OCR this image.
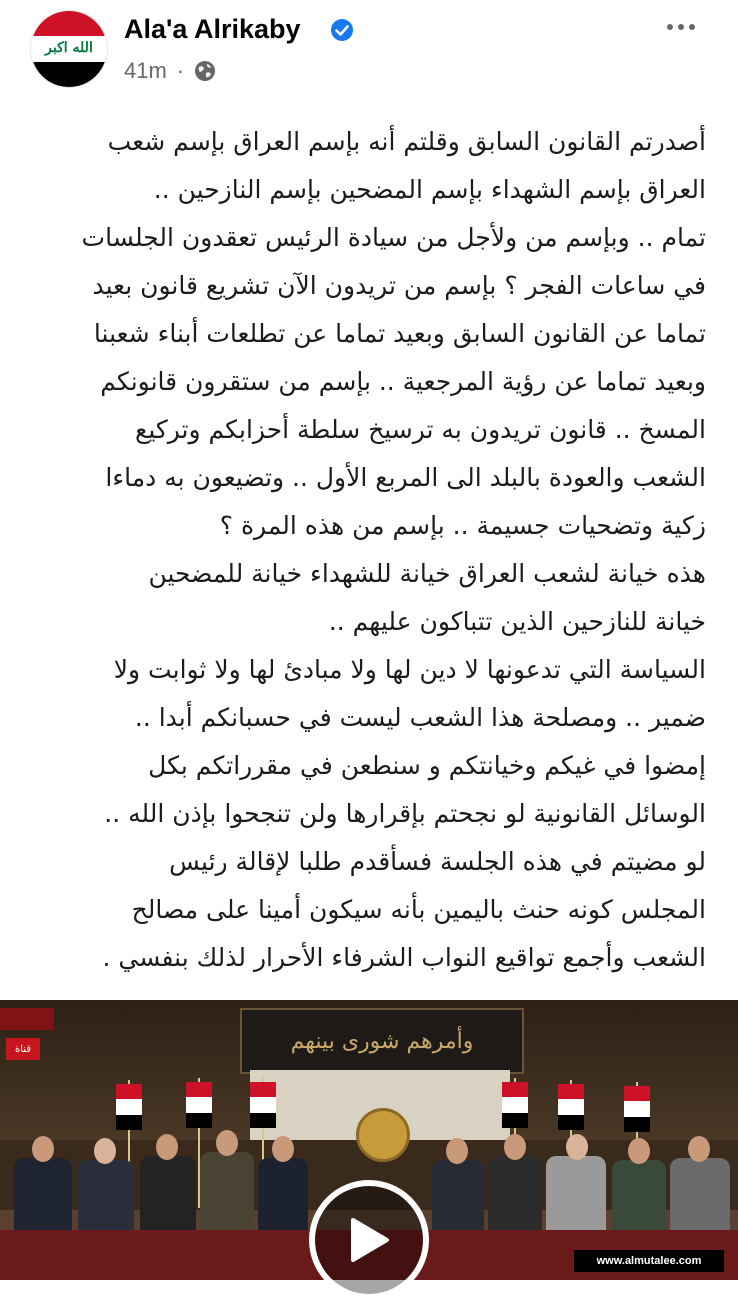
الله اكبر
Ala'a Alrikaby
41m ·
أصدرتم القانون السابق وقلتم أنه بإسم العراق بإسم شعب
العراق بإسم الشهداء بإسم المضحين بإسم النازحين ..
تمام .. وبإسم من ولأجل من سيادة الرئيس تعقدون الجلسات
في ساعات الفجر ؟ بإسم من تريدون الآن تشريع قانون بعيد
تماما عن القانون السابق وبعيد تماما عن تطلعات أبناء شعبنا
وبعيد تماما عن رؤية المرجعية .. بإسم من ستقرون قانونكم
المسخ .. قانون تريدون به ترسيخ سلطة أحزابكم وتركيع
الشعب والعودة بالبلد الى المربع الأول .. وتضيعون به دماءا
زكية وتضحيات جسيمة .. بإسم من هذه المرة ؟
هذه خيانة لشعب العراق خيانة للشهداء خيانة للمضحين
خيانة للنازحين الذين تتباكون عليهم ..
السياسة التي تدعونها لا دين لها ولا مبادئ لها ولا ثوابت ولا
ضمير .. ومصلحة هذا الشعب ليست في حسبانكم أبدا ..
إمضوا في غيكم وخيانتكم و سنطعن في مقرراتكم بكل
الوسائل القانونية لو نجحتم بإقرارها ولن تنجحوا بإذن الله ..
لو مضيتم في هذه الجلسة فسأقدم طلبا لإقالة رئيس
المجلس كونه حنث باليمين بأنه سيكون أمينا على مصالح
الشعب وأجمع تواقيع النواب الشرفاء الأحرار لذلك بنفسي .
قناة	وأمرهم شورى بينهم
www.almutalee.com
